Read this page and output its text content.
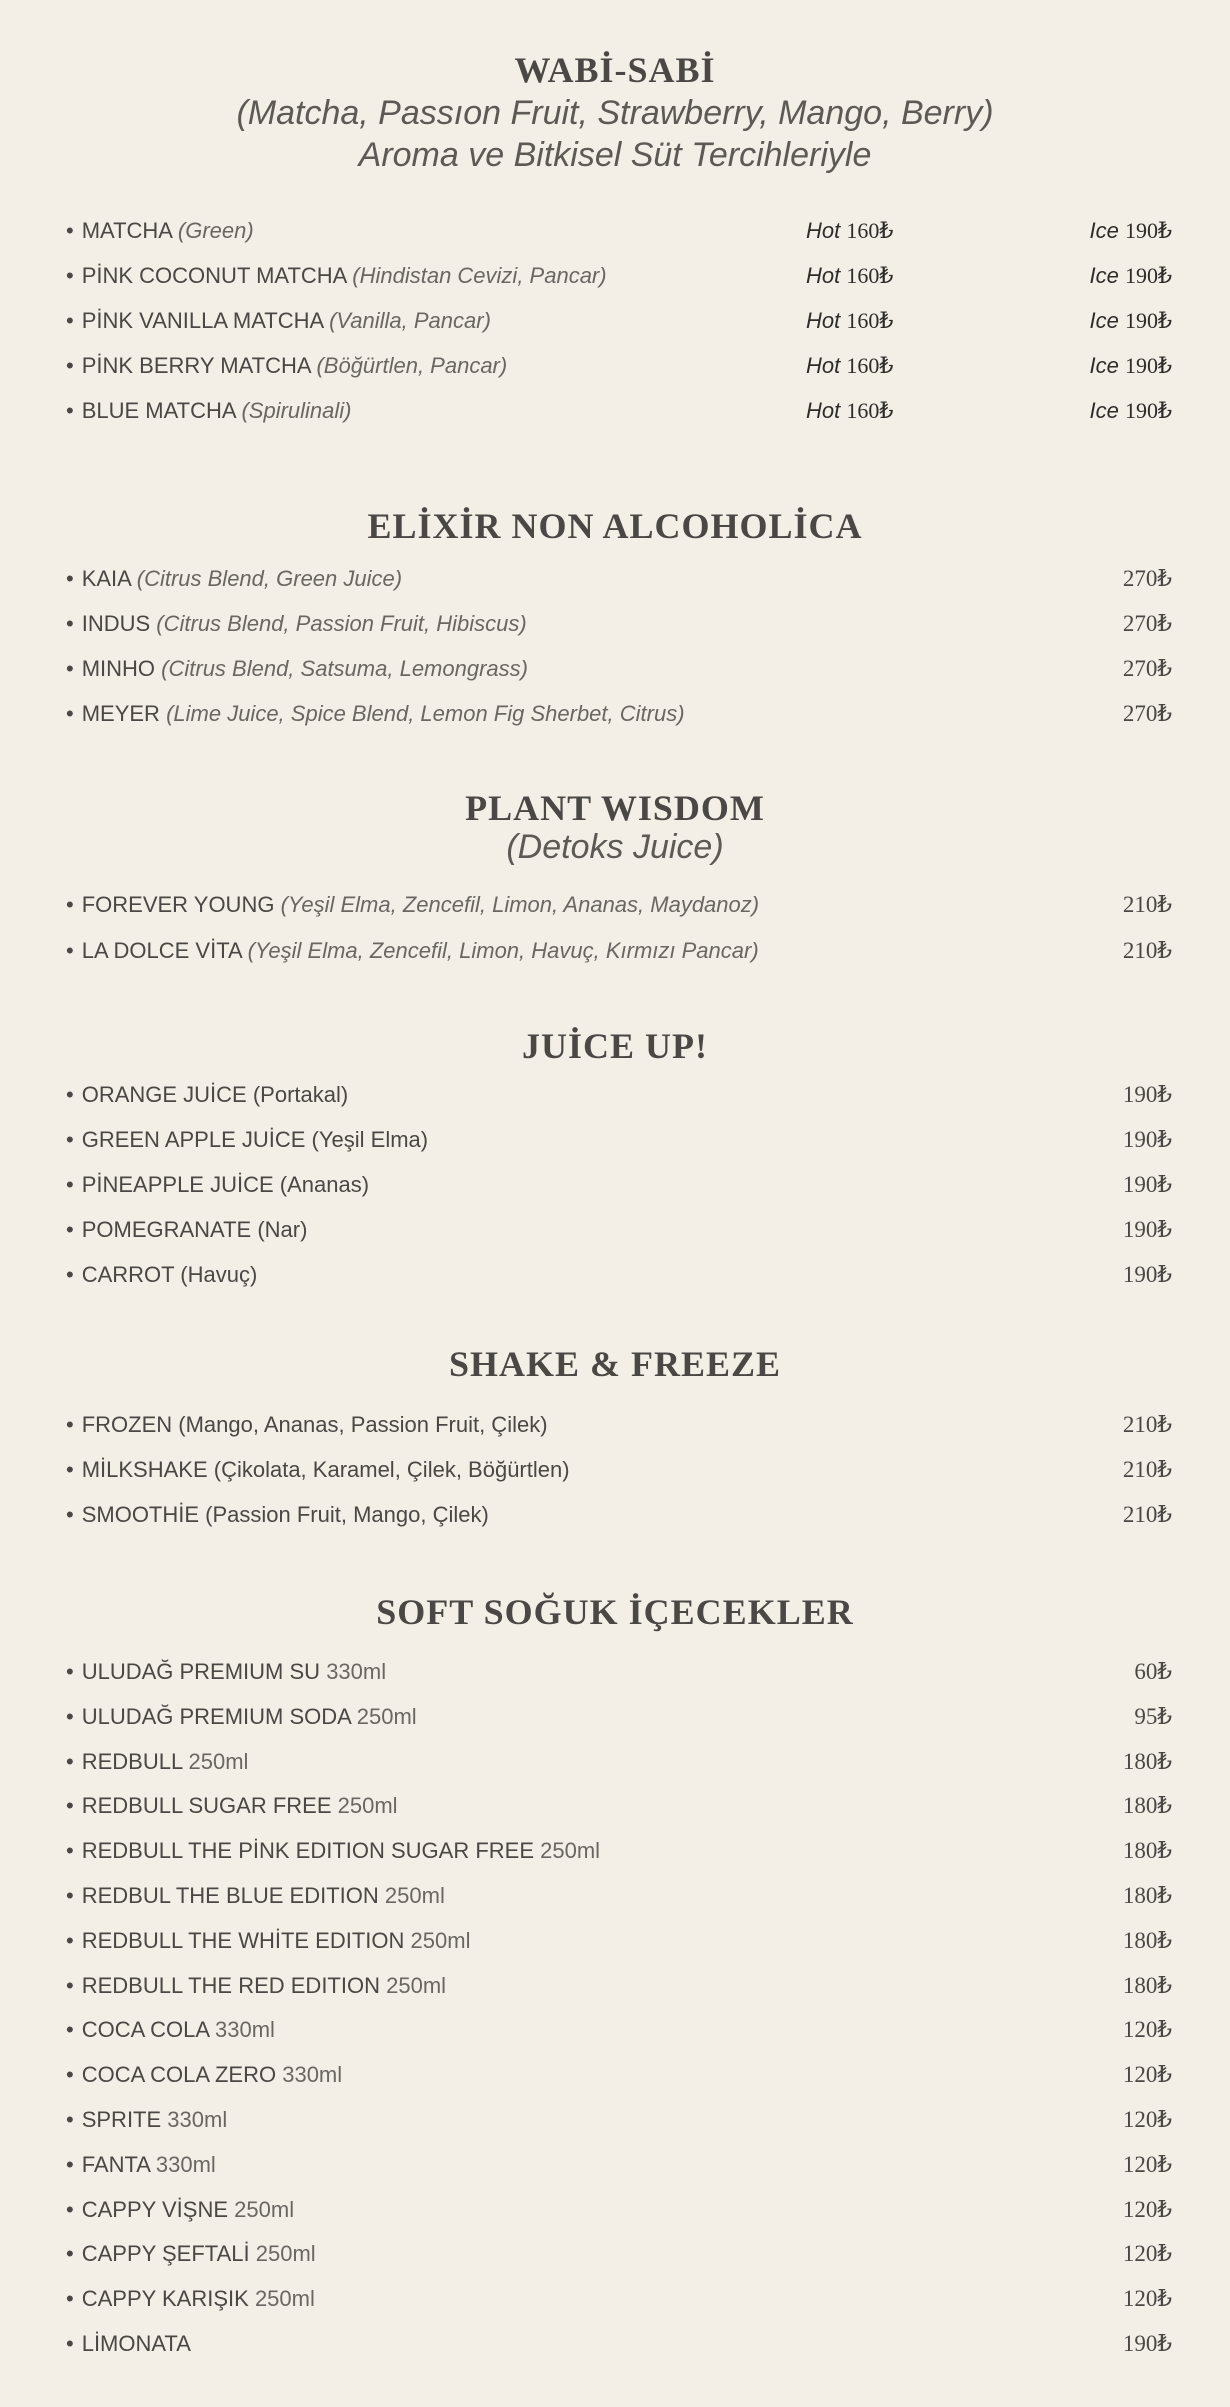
WABİ-SABİ
(Matcha, Passıon Fruit, Strawberry, Mango, Berry)
Aroma ve Bitkisel Süt Tercihleriyle
• MATCHA (Green)	Hot 160₺	Ice 190₺
• PİNK COCONUT MATCHA (Hindistan Cevizi, Pancar)	Hot 160₺	Ice 190₺
• PİNK VANILLA MATCHA (Vanilla, Pancar)	Hot 160₺	Ice 190₺
• PİNK BERRY MATCHA (Böğürtlen, Pancar)	Hot 160₺	Ice 190₺
• BLUE MATCHA (Spirulinali)	Hot 160₺	Ice 190₺
ELİXİR NON ALCOHOLİCA
• KAIA (Citrus Blend, Green Juice)	270₺
• INDUS (Citrus Blend, Passion Fruit, Hibiscus)	270₺
• MINHO (Citrus Blend, Satsuma, Lemongrass)	270₺
• MEYER (Lime Juice, Spice Blend, Lemon Fig Sherbet, Citrus)	270₺
PLANT WISDOM
(Detoks Juice)
• FOREVER YOUNG (Yeşil Elma, Zencefil, Limon, Ananas, Maydanoz)	210₺
• LA DOLCE VİTA (Yeşil Elma, Zencefil, Limon, Havuç, Kırmızı Pancar)	210₺
JUİCE UP!
• ORANGE JUİCE (Portakal)	190₺
• GREEN APPLE JUİCE (Yeşil Elma)	190₺
• PİNEAPPLE JUİCE (Ananas)	190₺
• POMEGRANATE (Nar)	190₺
• CARROT (Havuç)	190₺
SHAKE & FREEZE
• FROZEN (Mango, Ananas, Passion Fruit, Çilek)	210₺
• MİLKSHAKE (Çikolata, Karamel, Çilek, Böğürtlen)	210₺
• SMOOTHİE (Passion Fruit, Mango, Çilek)	210₺
SOFT SOĞUK İÇECEKLER
• ULUDAĞ PREMIUM SU 330ml	60₺
• ULUDAĞ PREMIUM SODA 250ml	95₺
• REDBULL 250ml	180₺
• REDBULL SUGAR FREE 250ml	180₺
• REDBULL THE PİNK EDITION SUGAR FREE 250ml	180₺
• REDBUL THE BLUE EDITION 250ml	180₺
• REDBULL THE WHİTE EDITION 250ml	180₺
• REDBULL THE RED EDITION 250ml	180₺
• COCA COLA 330ml	120₺
• COCA COLA ZERO 330ml	120₺
• SPRITE 330ml	120₺
• FANTA 330ml	120₺
• CAPPY VİŞNE 250ml	120₺
• CAPPY ŞEFTALİ 250ml	120₺
• CAPPY KARIŞIK 250ml	120₺
• LİMONATA	190₺
